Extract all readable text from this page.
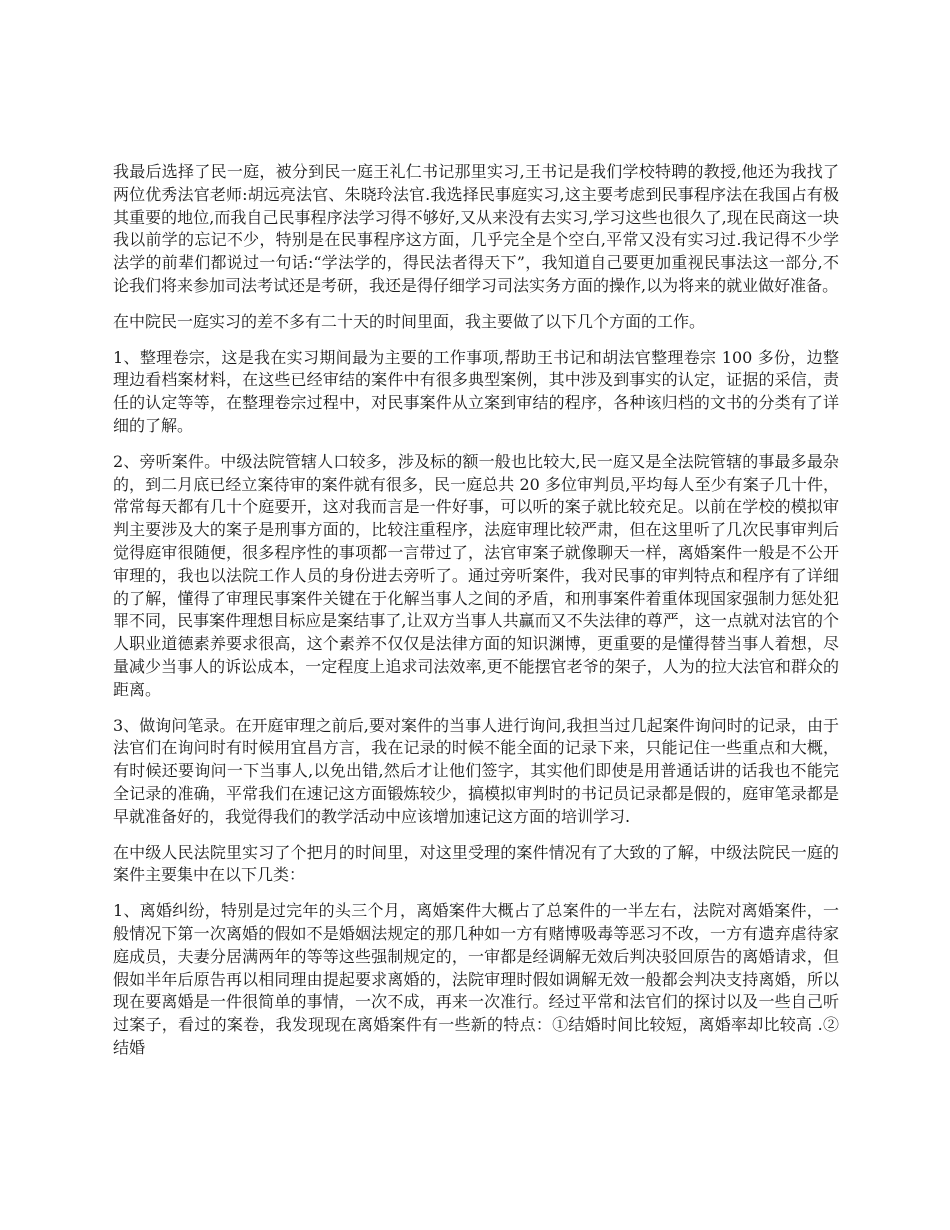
我最后选择了民一庭，被分到民一庭王礼仁书记那里实习,王书记是我们学校特聘的教授,他还为我找了两位优秀法官老师:胡远亮法官、朱晓玲法官.我选择民事庭实习,这主要考虑到民事程序法在我国占有极其重要的地位,而我自己民事程序法学习得不够好,又从来没有去实习,学习这些也很久了,现在民商这一块我以前学的忘记不少，特别是在民事程序这方面，几乎完全是个空白,平常又没有实习过.我记得不少学法学的前辈们都说过一句话:“学法学的，得民法者得天下”，我知道自己要更加重视民事法这一部分,不论我们将来参加司法考试还是考研，我还是得仔细学习司法实务方面的操作,以为将来的就业做好准备。

在中院民一庭实习的差不多有二十天的时间里面，我主要做了以下几个方面的工作。

1、整理卷宗，这是我在实习期间最为主要的工作事项,帮助王书记和胡法官整理卷宗 100 多份，边整理边看档案材料，在这些已经审结的案件中有很多典型案例，其中涉及到事实的认定，证据的采信，责任的认定等等，在整理卷宗过程中，对民事案件从立案到审结的程序，各种该归档的文书的分类有了详细的了解。

2、旁听案件。中级法院管辖人口较多，涉及标的额一般也比较大,民一庭又是全法院管辖的事最多最杂的，到二月底已经立案待审的案件就有很多，民一庭总共 20 多位审判员,平均每人至少有案子几十件，常常每天都有几十个庭要开，这对我而言是一件好事，可以听的案子就比较充足。以前在学校的模拟审判主要涉及大的案子是刑事方面的，比较注重程序，法庭审理比较严肃，但在这里听了几次民事审判后觉得庭审很随便，很多程序性的事项都一言带过了，法官审案子就像聊天一样，离婚案件一般是不公开审理的，我也以法院工作人员的身份进去旁听了。通过旁听案件，我对民事的审判特点和程序有了详细的了解，懂得了审理民事案件关键在于化解当事人之间的矛盾，和刑事案件着重体现国家强制力惩处犯罪不同，民事案件理想目标应是案结事了,让双方当事人共赢而又不失法律的尊严，这一点就对法官的个人职业道德素养要求很高，这个素养不仅仅是法律方面的知识渊博，更重要的是懂得替当事人着想，尽量减少当事人的诉讼成本，一定程度上追求司法效率,更不能摆官老爷的架子，人为的拉大法官和群众的距离。

3、做询问笔录。在开庭审理之前后,要对案件的当事人进行询问,我担当过几起案件询问时的记录，由于法官们在询问时有时候用宜昌方言，我在记录的时候不能全面的记录下来，只能记住一些重点和大概，有时候还要询问一下当事人,以免出错,然后才让他们签字，其实他们即使是用普通话讲的话我也不能完全记录的准确，平常我们在速记这方面锻炼较少，搞模拟审判时的书记员记录都是假的，庭审笔录都是早就准备好的，我觉得我们的教学活动中应该增加速记这方面的培训学习.

在中级人民法院里实习了个把月的时间里，对这里受理的案件情况有了大致的了解，中级法院民一庭的案件主要集中在以下几类：

1、离婚纠纷，特别是过完年的头三个月，离婚案件大概占了总案件的一半左右，法院对离婚案件，一般情况下第一次离婚的假如不是婚姻法规定的那几种如一方有赌博吸毒等恶习不改，一方有遗弃虐待家庭成员，夫妻分居满两年的等等这些强制规定的，一审都是经调解无效后判决驳回原告的离婚请求，但假如半年后原告再以相同理由提起要求离婚的，法院审理时假如调解无效一般都会判决支持离婚，所以现在要离婚是一件很简单的事情，一次不成，再来一次准行。经过平常和法官们的探讨以及一些自己听过案子，看过的案卷，我发现现在离婚案件有一些新的特点：①结婚时间比较短，离婚率却比较高 .② 结婚
